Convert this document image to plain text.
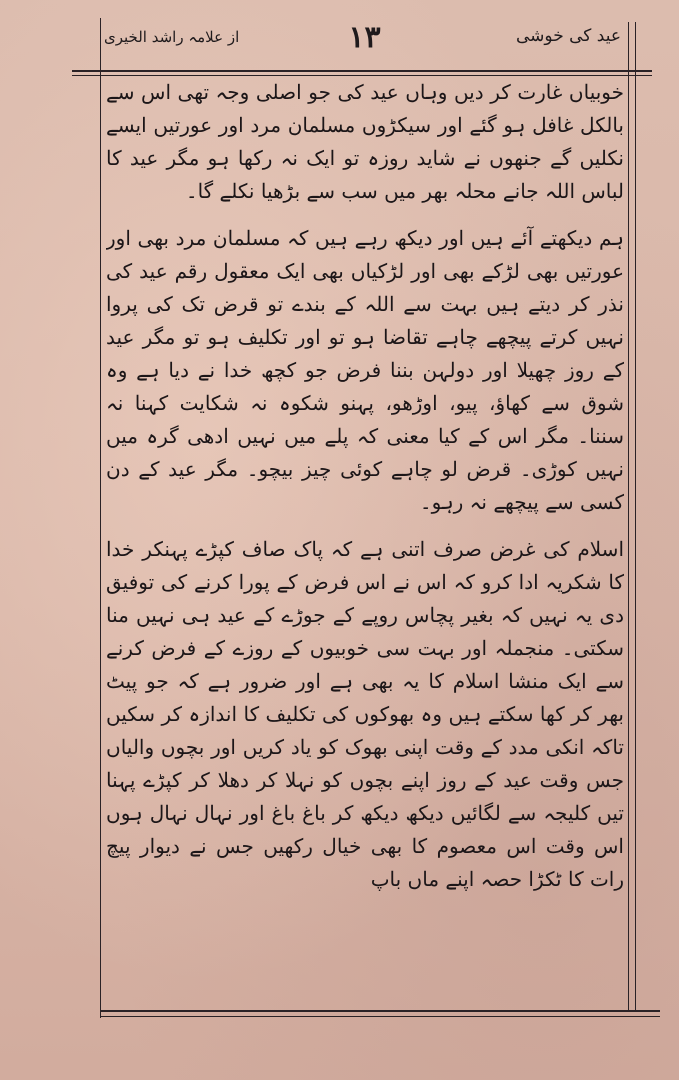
عید کی خوشی
١٣
از علامہ راشد الخیری

خوبیاں غارت کر دیں وہاں عید کی جو اصلی وجہ تھی اس سے بالکل غافل ہو گئے اور سیکڑوں مسلمان مرد اور عورتیں ایسے نکلیں گے جنھوں نے شاید روزہ تو ایک نہ رکھا ہو مگر عید کا لباس اللہ جانے محلہ بھر میں سب سے بڑھیا نکلے گا۔

ہم دیکھتے آئے ہیں اور دیکھ رہے ہیں کہ مسلمان مرد بھی اور عورتیں بھی لڑکے بھی اور لڑکیاں بھی ایک معقول رقم عید کی نذر کر دیتے ہیں بہت سے اللہ کے بندے تو قرض تک کی پروا نہیں کرتے پیچھے چاہے تقاضا ہو تو اور تکلیف ہو تو مگر عید کے روز چھیلا اور دولہن بننا فرض جو کچھ خدا نے دیا ہے وہ شوق سے کھاؤ، پیو، اوڑھو، پہنو شکوہ نہ شکایت کہنا نہ سننا۔ مگر اس کے کیا معنی کہ پلے میں نہیں ادھی گرہ میں نہیں کوڑی۔ قرض لو چاہے کوئی چیز بیچو۔ مگر عید کے دن کسی سے پیچھے نہ رہو۔

اسلام کی غرض صرف اتنی ہے کہ پاک صاف کپڑے پہنکر خدا کا شکریہ ادا کرو کہ اس نے اس فرض کے پورا کرنے کی توفیق دی یہ نہیں کہ بغیر پچاس روپے کے جوڑے کے عید ہی نہیں منا سکتی۔ منجملہ اور بہت سی خوبیوں کے روزے کے فرض کرنے سے ایک منشا اسلام کا یہ بھی ہے اور ضرور ہے کہ جو پیٹ بھر کر کھا سکتے ہیں وہ بھوکوں کی تکلیف کا اندازہ کر سکیں تاکہ انکی مدد کے وقت اپنی بھوک کو یاد کریں اور بچوں والیاں جس وقت عید کے روز اپنے بچوں کو نہلا کر دھلا کر کپڑے پہنا تیں کلیجہ سے لگائیں دیکھ دیکھ کر باغ باغ اور نہال نہال ہوں اس وقت اس معصوم کا بھی خیال رکھیں جس نے دیوار پیچ رات کا ٹکڑا حصہ اپنے ماں باپ
